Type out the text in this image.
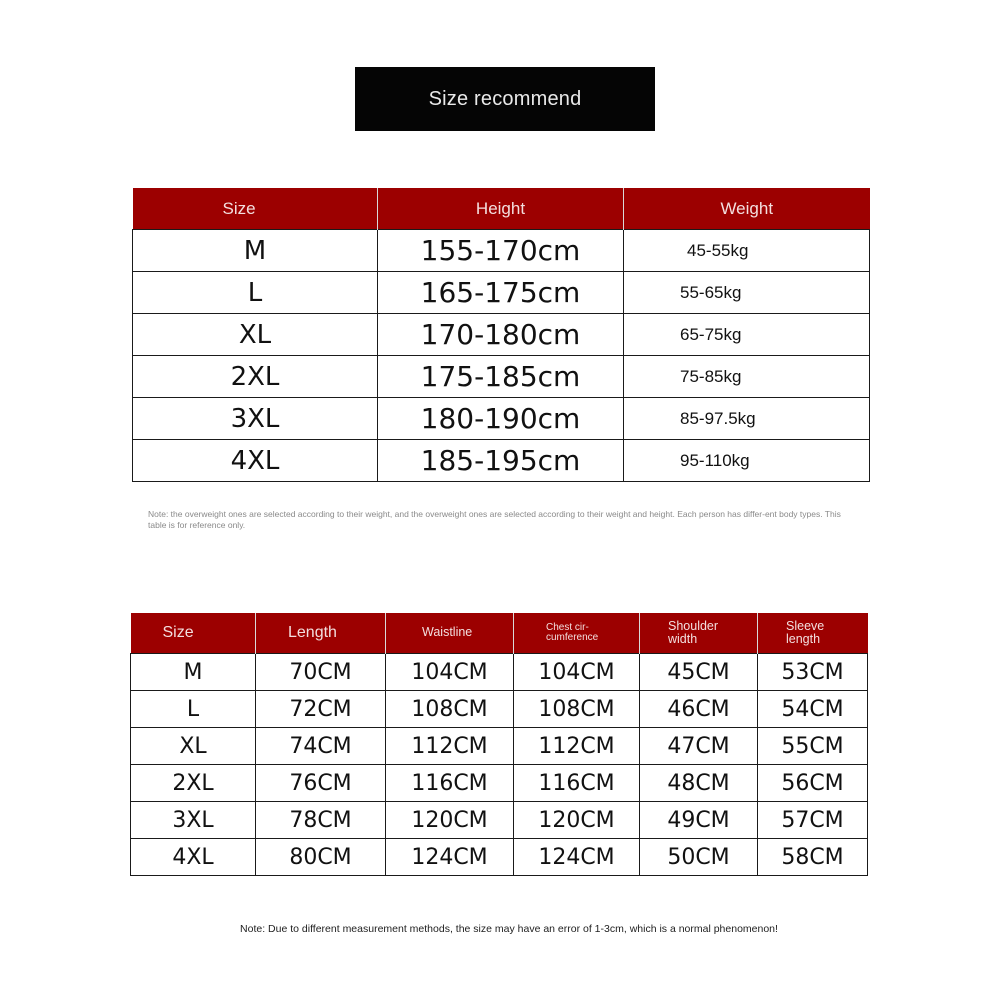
Size recommend
Size	Height	Weight
M	155-170cm	45-55kg
L	165-175cm	55-65kg
XL	170-180cm	65-75kg
2XL	175-185cm	75-85kg
3XL	180-190cm	85-97.5kg
4XL	185-195cm	95-110kg
Note: the overweight ones are selected according to their weight, and the overweight ones are selected according to their weight and height. Each person has differ-ent body types. This table is for reference only.
Size	Length	Waistline	Chest cir-cumference	Shoulder width	Sleeve length
M	70CM	104CM	104CM	45CM	53CM
L	72CM	108CM	108CM	46CM	54CM
XL	74CM	112CM	112CM	47CM	55CM
2XL	76CM	116CM	116CM	48CM	56CM
3XL	78CM	120CM	120CM	49CM	57CM
4XL	80CM	124CM	124CM	50CM	58CM
Note: Due to different measurement methods, the size may have an error of 1-3cm, which is a normal phenomenon!
